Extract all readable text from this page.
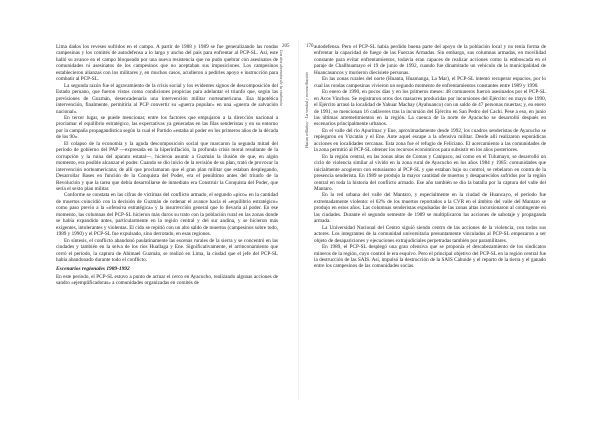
Lima dados los reveses sufridos en el campo. A partir de 1988 y 1989 se fue generalizando las rondas campesinas y los comités de autodefensa a lo largo y ancho del país para enfrentar al PCP-SL. Así, este halló su avance en el campo bloqueado por una nueva resistencia que no pudo quebrar con asesinatos de comunidades ni asesinatos de los campesinos que no aceptaban sus imposiciones. Los campesinos establecieron alianzas con los militares y, en muchos casos, acudieron a pedirles apoyo e instrucción para combatir al PCP-SL.

La segunda razón fue el agravamiento de la crisis social y los evidentes signos de descomposición del Estado peruano, que fueron vistos como condiciones propicias para adelantar el triunfo que, según las previsiones de Guzmán, desencadenaría una intervención militar norteamericana. Esa hipotética intervención, finalmente, permitiría al PCP convertir su «guerra popular» en una «guerra de salvación nacional».

En tercer lugar, se puede mencionar, entre los factores que empujaron a la dirección nacional a proclamar el equilibrio estratégico, las expectativas ya generadas en las filas senderistas y en su entorno por la campaña propagandística según la cual el Partido «estaba al poder en los primeros años de la década de los 90».

El colapso de la economía y la aguda descomposición social que marcaron la segunda mitad del período de gobierno del PAP —expresada en la hiperinflación, la profunda crisis moral resultante de la corrupción y la ruina del aparato estatal—, hicieron asumir a Guzmán la ilusión de que, en algún momento, era posible alcanzar el poder. Cuando se dio inicio de la revisión de su plan, trató de provocar la intervención norteamericana; de allí que proclamaran que el gran plan militar que estaban desplegando, Desarrollar Bases en función de la Conquista del Poder, era el penúltimo antes del triunfo de la Revolución y que la tarea que debía desarrollarse de inmediato era Construir la Conquista del Poder, que sería el sexto plan militar.

Conforme se constata en las cifras de víctimas del conflicto armado, el segundo «pico» en la cantidad de muertos coincidió con la decisión de Guzmán de ordenar el avance hacia el «equilibrio estratégico» como paso previo a la «ofensiva estratégica» y la insurrección general que lo llevaría al poder. En ese momento, las columnas del PCP-SL hicieron más duros su trato con la población rural en las zonas donde se había expandido antes, particularmente en la región central y del sur andina, y se hicieron más exigentes, intolerantes y violentas. El cido se repitió con un alto saldo de muertos (campesinos sobre todo, 1989 y 1990) y el PCP-SL fue expulsado, sino derrotado, en esas regiones.

En síntesis, el conflicto abandonó paulatinamente las escenas rurales de la sierra y se concentró en las ciudades y también en la selva de los ríos Huallaga y Ene. Significativamente, el arrinconamiento que cerró el período, la captura de Abimael Guzmán, se realizó en Lima, la ciudad que el jefe del PCP-SL había abandonado durante todo el conflicto.

Escenarios regionales 1989-1992

En este período, el PCP-SL estuvo a punto de actuar el cerco en Ayacucho, realizando algunas acciones de sandro «ejemplificadoras» a comunidades organizadas en comités de

205
Los dos decenios de la violencia
170
Hatun willakuy · La verdad y reconciliación

autodefensa. Pero el PCP-SL había perdido buena parte del apoyo de la población local y no tenía forma de enfrentar la capacidad de fuego de las Fuerzas Armadas. Sin embargo, sus columnas armadas, en movilidad constante para evitar enfrentamientos, todavía eran capaces de realizar acciones como la emboscada en el paraje de Challhuamayo el 19 de junio de 1992, cuando fue dinamitado un vehículo de la municipalidad de Huancasancos y murieron diecisiete personas.

En las zonas rurales del norte (Huanta, Huamanga, La Mar), el PCP-SL intentó recuperar espacios, por lo cual las rondas campesinas vivieron un segundo momento de enfrentamientos constantes entre 1989 y 1990.

En enero de 1990, en pocos días y en los primeros meses: 48 comuneros fueron asesinados por el PCP-SL en Acos Vinchos. Se registraron otros dos masacres producidas por incursiones del Ejército: en mayo de 1990, el Ejército arrasó la localidad de Yahuar Machay (Ayahuanco) con un saldo de 47 personas muertas; y, en enero de 1991, se mencionan 16 cadáveres tras la incursión del Ejército en San Pedro del Cachi. Pese a eso, en junio las últimas arremetimientos en la región. La cuenca de la norte de Ayacucho se desarrolló después en escenarios principalmente urbanos.

En el valle del río Apurímac y Ene, aproximadamente desde 1992, los cuadros senderistas de Ayacucho se replegaron en Vizcatán y el Ene. Ante aquel escape a la ofensiva militar. Desde allí realizaron esporádicas acciones en localidades cercanas. Esta zona fue el refugio de Feliciano. El acercamiento a las comunidades de la zona permitió al PCP-SL obtener los recursos económicos para subsistir en los años posteriores.

En la región central, en las zonas altas de Comas y Canipaco, así como en el Tulumayo, se desarrolló un ciclo de violencia similar al vivido en la zona rural de Ayacucho en los años 1984 y 1985: comunidades que inicialmente acogieron con entusiasmo al PCP-SL y que estaban bajo su control, se rebelaron en contra de la presencia senderista. En 1989 se produjo la mayor cantidad de muertos y desaparecidos sufridos por la región central en toda la historia del conflicto armado. Ese año también se dio la batalla por la captura del valle del Mantaro.

En la red urbana del valle del Mantaro, y especialmente en la ciudad de Huancayo, el período fue extremadamente violento: el 62% de los muertos reportados a la CVR en el ámbito del valle del Mantaro se produjo en estos años. Las columnas senderistas expulsadas de las zonas altas incursionaron al contingente en las ciudades. Durante el segundo semestre de 1989 se multiplicaron las acciones de sabotaje y propaganda armada.

La Universidad Nacional del Centro siguió siendo centro de las acciones de la violencia, con todos sus actores. Los integrantes de la comunidad universitaria presuntamente vinculados al PCP-SL empezaron a ser objeto de desapariciones y ejecuciones extrajudiciales perpetradas también por paramilitares.

En 1989, el PCP-SL desplegó una gran ofensiva que se proponía el descabezamiento de los sindicatos mineros de la región, cuyo control le era esquivo. Pero el principal objetivo del PCP-SL en la región central fue la destrucción de las SAIS. Así, impulsó la destrucción de la SAIS Cahuide y el reparto de la tierra y el ganado entre los campesinos de las comunidades socias.
